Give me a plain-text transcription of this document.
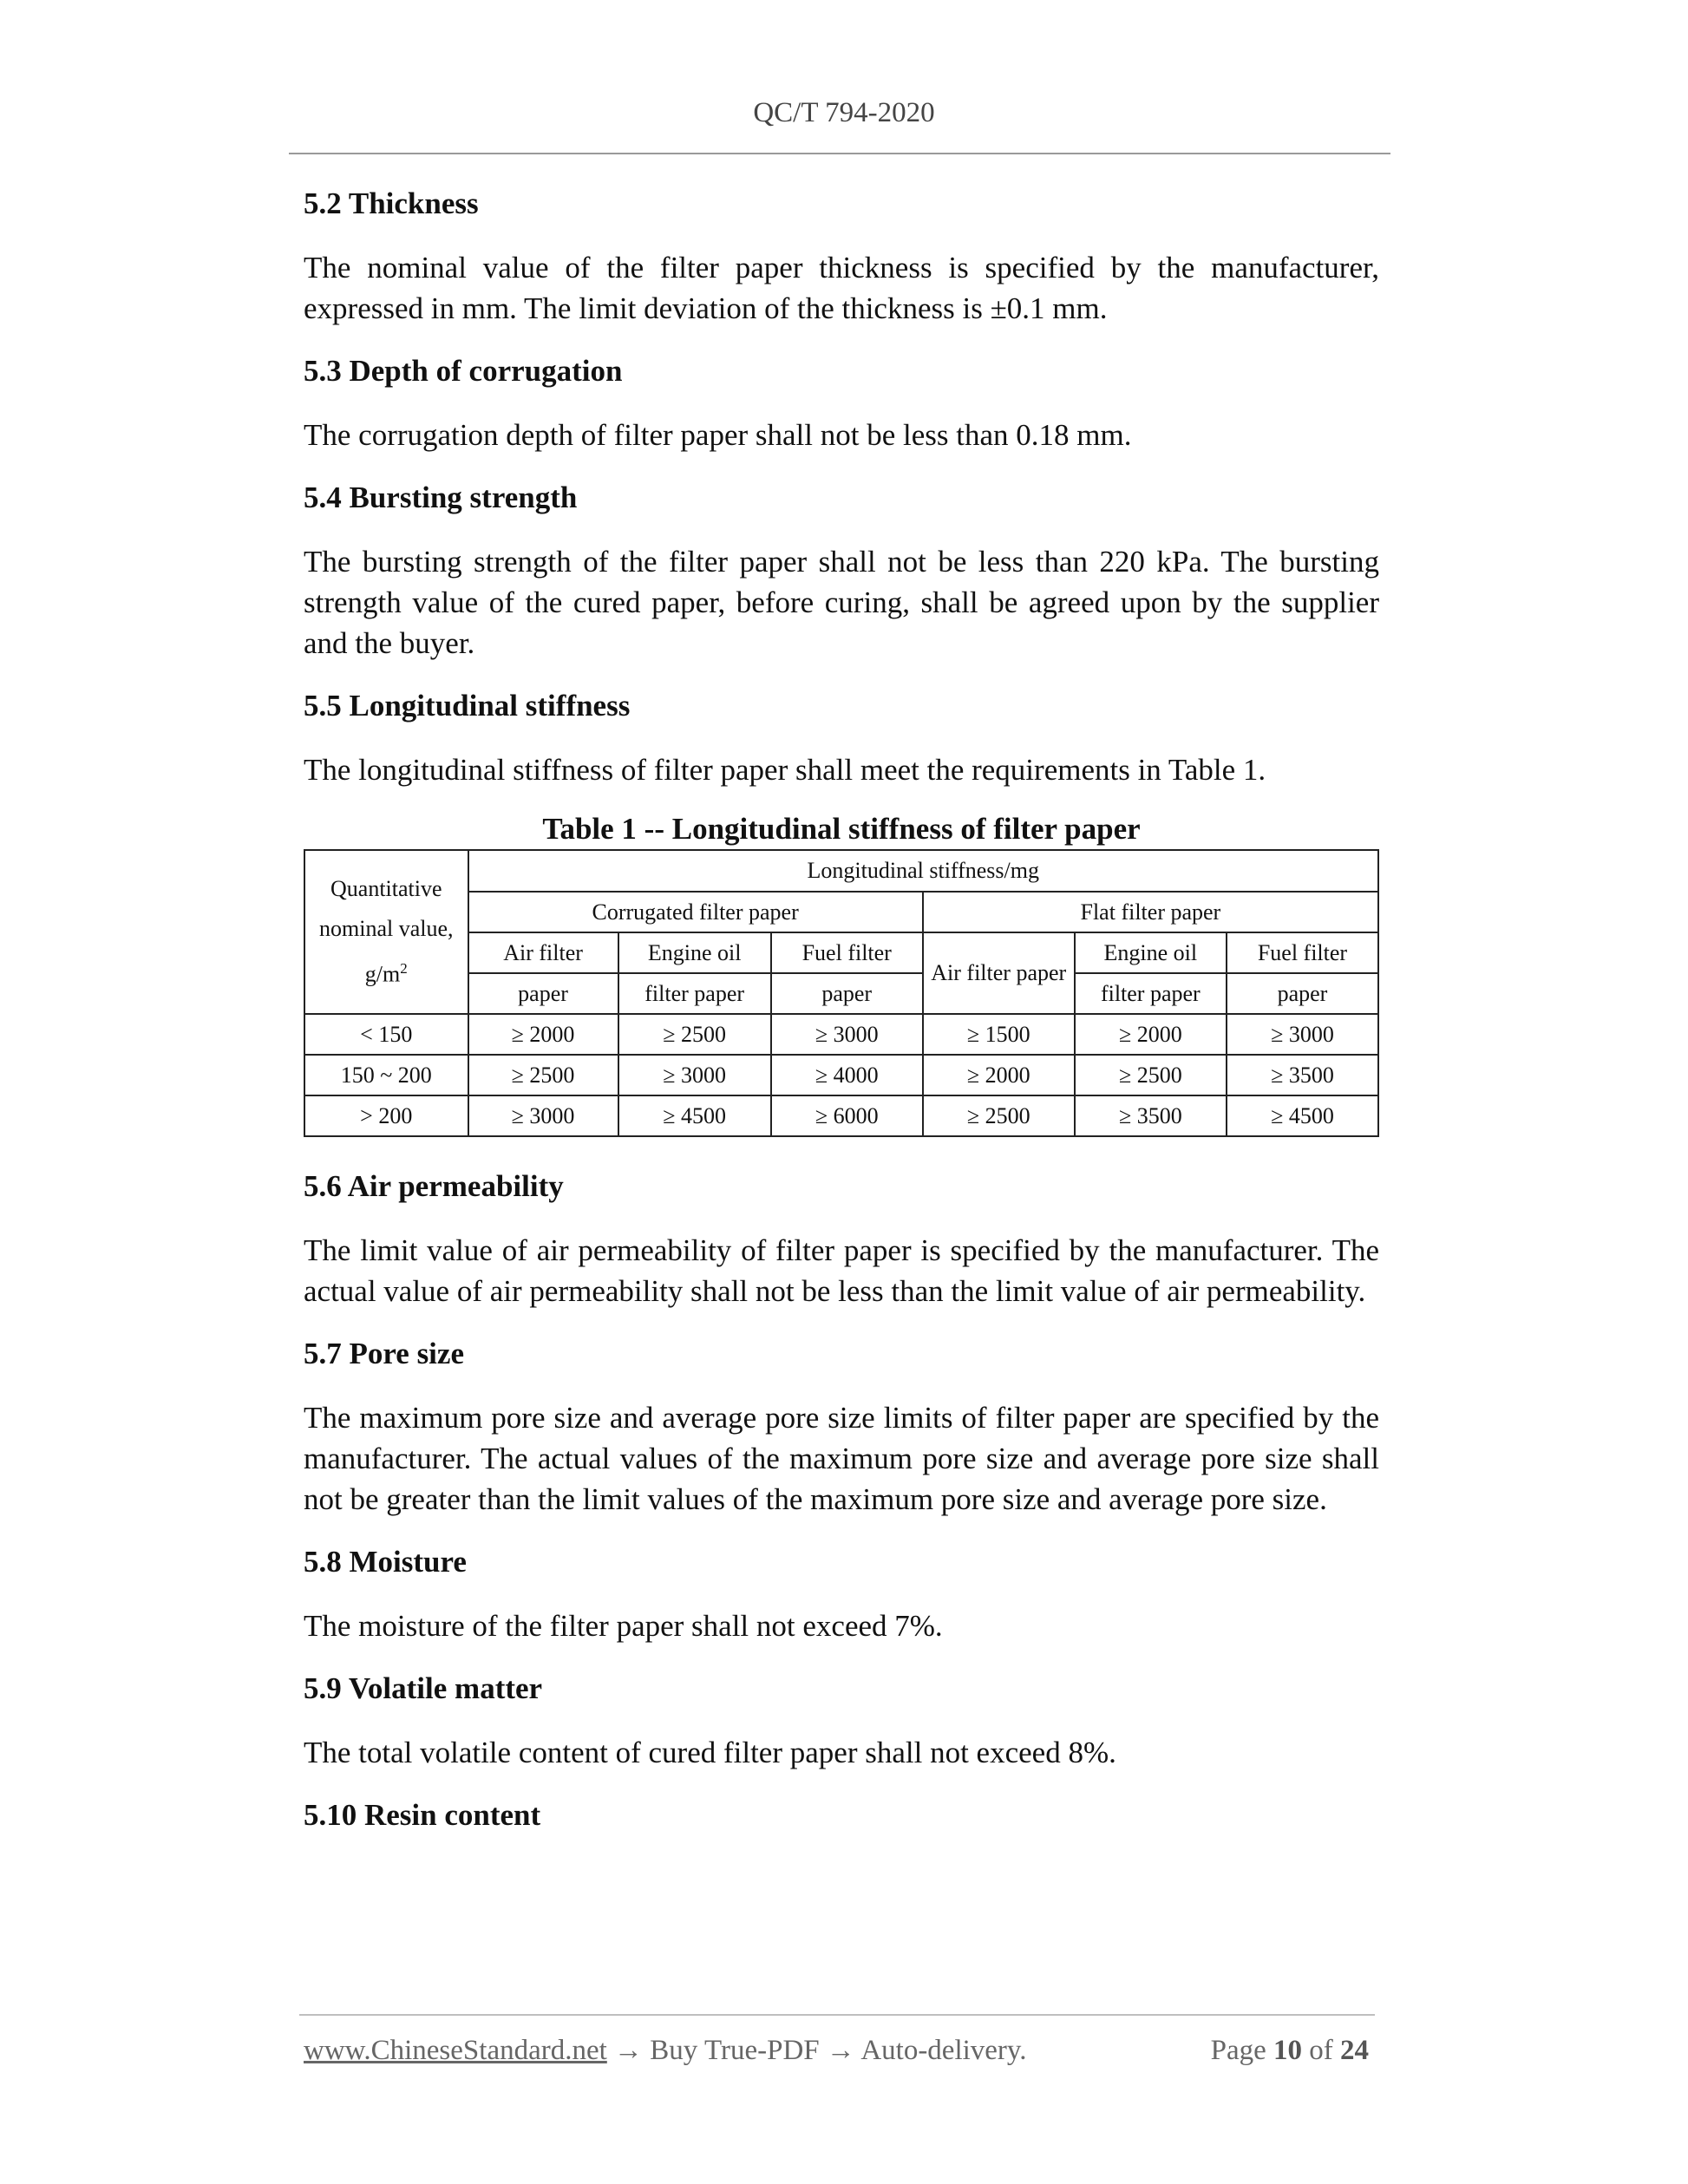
QC/T 794-2020

5.2 Thickness

The nominal value of the filter paper thickness is specified by the manufacturer, expressed in mm. The limit deviation of the thickness is ±0.1 mm.

5.3 Depth of corrugation

The corrugation depth of filter paper shall not be less than 0.18 mm.

5.4 Bursting strength

The bursting strength of the filter paper shall not be less than 220 kPa. The bursting strength value of the cured paper, before curing, shall be agreed upon by the supplier and the buyer.

5.5 Longitudinal stiffness

The longitudinal stiffness of filter paper shall meet the requirements in Table 1.

Table 1 -- Longitudinal stiffness of filter paper

Quantitative
nominal value,
$g/m^2$	Longitudinal stiffness/mg					
	Corrugated filter paper			Flat filter paper		
	Air filter	Engine oil	Fuel filter	Air filter paper	Engine oil	Fuel filter
	paper	filter paper	paper		filter paper	paper
< 150	≥ 2000	≥ 2500	≥ 3000	≥ 1500	≥ 2000	≥ 3000
150 ~ 200	≥ 2500	≥ 3000	≥ 4000	≥ 2000	≥ 2500	≥ 3500
> 200	≥ 3000	≥ 4500	≥ 6000	≥ 2500	≥ 3500	≥ 4500

5.6 Air permeability

The limit value of air permeability of filter paper is specified by the manufacturer. The actual value of air permeability shall not be less than the limit value of air permeability.

5.7 Pore size

The maximum pore size and average pore size limits of filter paper are specified by the manufacturer. The actual values of the maximum pore size and average pore size shall not be greater than the limit values of the maximum pore size and average pore size.

5.8 Moisture

The moisture of the filter paper shall not exceed 7%.

5.9 Volatile matter

The total volatile content of cured filter paper shall not exceed 8%.

5.10 Resin content

www.ChineseStandard.net → Buy True-PDF → Auto-delivery.	Page 10 of 24
